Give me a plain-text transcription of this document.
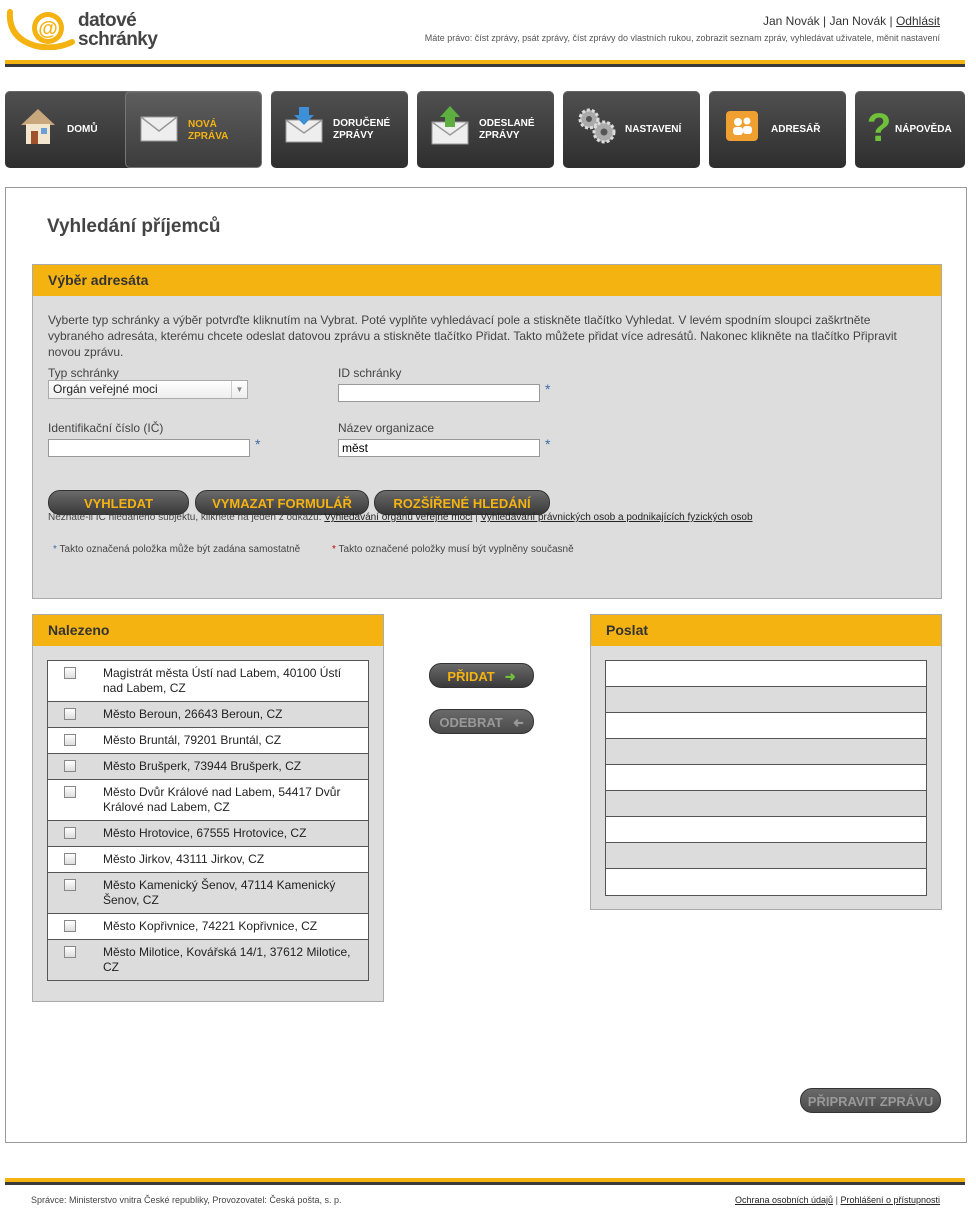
@ datové
schránky
Jan Novák | Jan Novák | Odhlásit
Máte právo: číst zprávy, psát zprávy, číst zprávy do vlastních rukou, zobrazit seznam zpráv, vyhledávat uživatele, měnit nastavení
DOMŮ	NOVÁ
ZPRÁVA
DORUČENÉ
ZPRÁVY
ODESLANÉ
ZPRÁVY
NASTAVENÍ	ADRESÁŘ ? NÁPOVĚDA
Vyhledání příjemců
Výběr adresáta
Vyberte typ schránky a výběr potvrďte kliknutím na Vybrat. Poté vyplňte vyhledávací pole a stiskněte tlačítko Vyhledat. V levém spodním sloupci zaškrtněte vybraného adresáta, kterému chcete odeslat datovou zprávu a stiskněte tlačítko Přidat. Takto můžete přidat více adresátů. Nakonec klikněte na tlačítko Připravit novou zprávu.
Typ schránky
Orgán veřejné moci	▼
ID schránky
*
Identifikační číslo (IČ)
*
Název organizace
měst	*
VYHLEDAT	VYMAZAT FORMULÁŘ	ROZŠÍŘENÉ HLEDÁNÍ
Neznáte-li IČ hledaného subjektu, klikněte na jeden z odkazů: Vyhledávání orgánů veřejné moci | Vyhledávání právnických osob a podnikajících fyzických osob
* Takto označená položka může být zadána samostatně	* Takto označené položky musí být vyplněny současně
Nalezeno
Magistrát města Ústí nad Labem, 40100 Ústí nad Labem, CZ
Město Beroun, 26643 Beroun, CZ
Město Bruntál, 79201 Bruntál, CZ
Město Brušperk, 73944 Brušperk, CZ
Město Dvůr Králové nad Labem, 54417 Dvůr Králové nad Labem, CZ
Město Hrotovice, 67555 Hrotovice, CZ
Město Jirkov, 43111 Jirkov, CZ
Město Kamenický Šenov, 47114 Kamenický Šenov, CZ
Město Kopřivnice, 74221 Kopřivnice, CZ
Město Milotice, Kovářská 14/1, 37612 Milotice, CZ
PŘIDAT ➜
ODEBRAT ➜
Poslat
PŘIPRAVIT ZPRÁVU
Správce: Ministerstvo vnitra České republiky, Provozovatel: Česká pošta, s. p.	Ochrana osobních údajů | Prohlášení o přístupnosti
